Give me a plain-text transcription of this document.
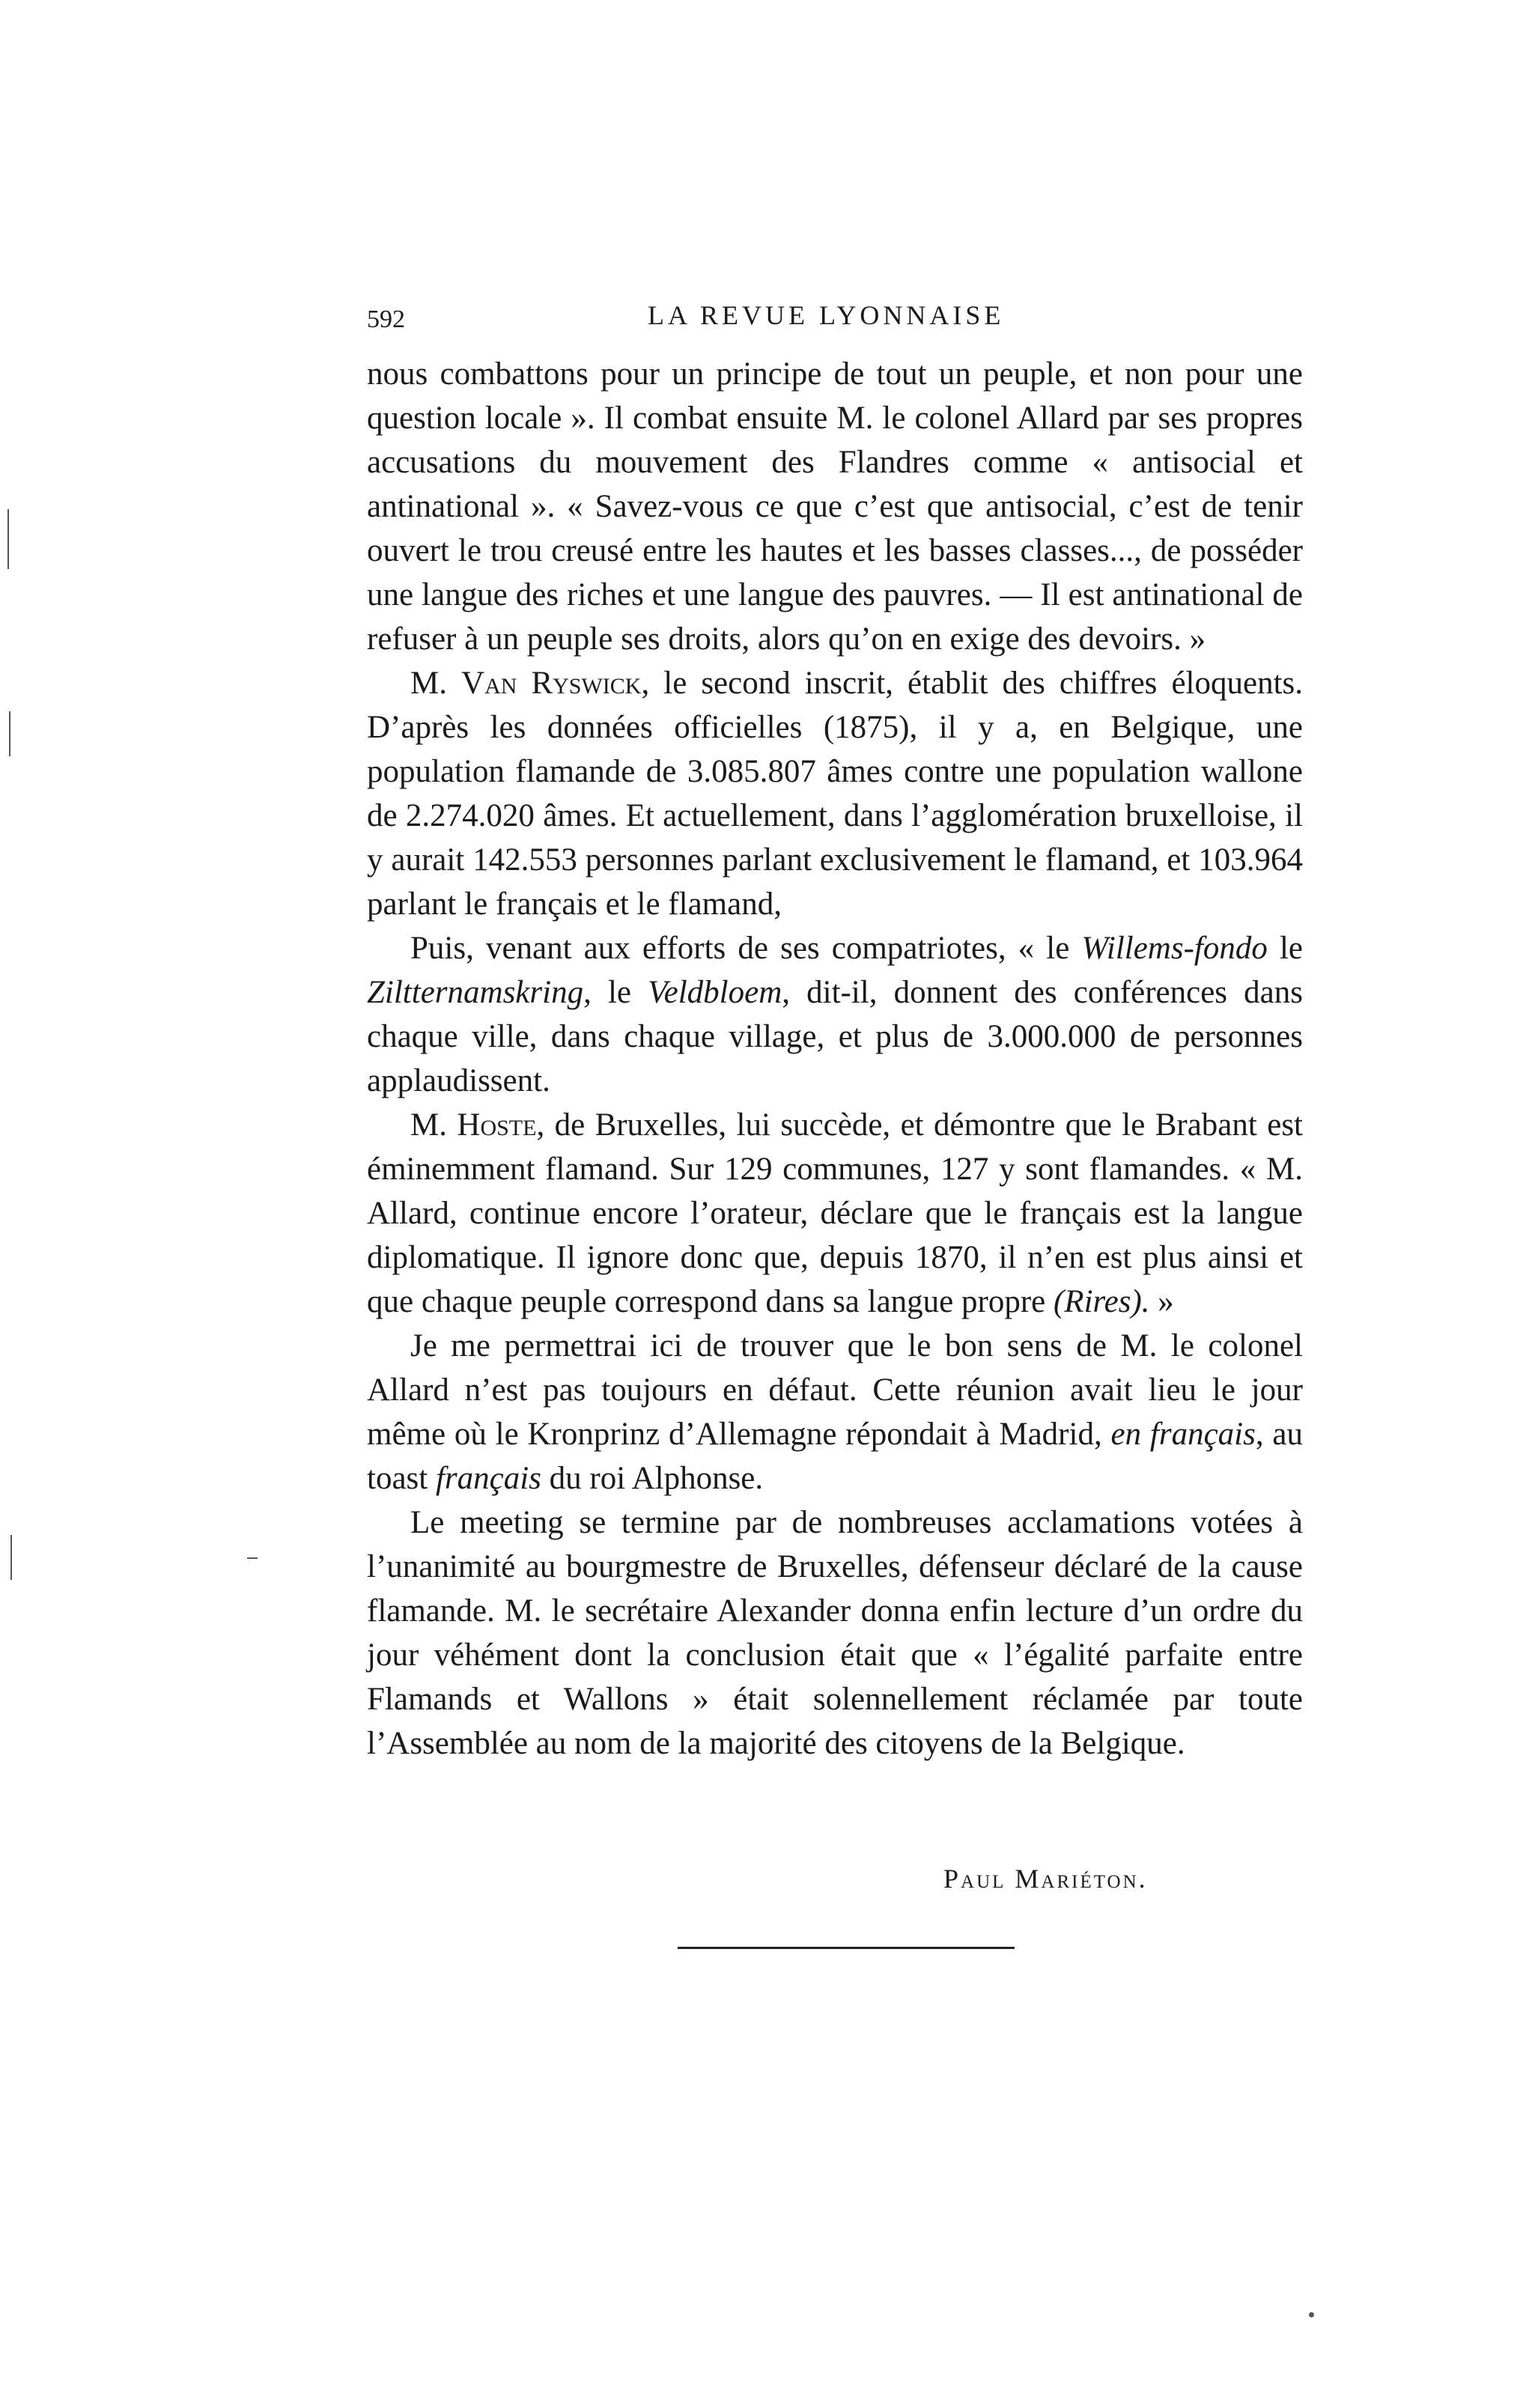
592	LA REVUE LYONNAISE

nous combattons pour un principe de tout un peuple, et non pour une question locale ». Il combat ensuite M. le colonel Allard par ses propres accusations du mouvement des Flandres comme « antisocial et antinational ». « Savez-vous ce que c’est que antisocial, c’est de tenir ouvert le trou creusé entre les hautes et les basses classes..., de posséder une langue des riches et une langue des pauvres. — Il est antinational de refuser à un peuple ses droits, alors qu’on en exige des devoirs. »

M. Van Ryswick, le second inscrit, établit des chiffres éloquents. D’après les données officielles (1875), il y a, en Belgique, une population flamande de 3.085.807 âmes contre une population wallone de 2.274.020 âmes. Et actuellement, dans l’agglomération bruxelloise, il y aurait 142.553 personnes parlant exclusivement le flamand, et 103.964 parlant le français et le flamand,

Puis, venant aux efforts de ses compatriotes, « le Willems-fondo le Ziltternamskring, le Veldbloem, dit-il, donnent des conférences dans chaque ville, dans chaque village, et plus de 3.000.000 de personnes applaudissent.

M. Hoste, de Bruxelles, lui succède, et démontre que le Brabant est éminemment flamand. Sur 129 communes, 127 y sont flamandes. « M. Allard, continue encore l’orateur, déclare que le français est la langue diplomatique. Il ignore donc que, depuis 1870, il n’en est plus ainsi et que chaque peuple correspond dans sa langue propre (Rires). »

Je me permettrai ici de trouver que le bon sens de M. le colonel Allard n’est pas toujours en défaut. Cette réunion avait lieu le jour même où le Kronprinz d’Allemagne répondait à Madrid, en français, au toast français du roi Alphonse.

Le meeting se termine par de nombreuses acclamations votées à l’unanimité au bourgmestre de Bruxelles, défenseur déclaré de la cause flamande. M. le secrétaire Alexander donna enfin lecture d’un ordre du jour véhément dont la conclusion était que « l’égalité parfaite entre Flamands et Wallons » était solennellement réclamée par toute l’Assemblée au nom de la majorité des citoyens de la Belgique.

Paul Mariéton.
